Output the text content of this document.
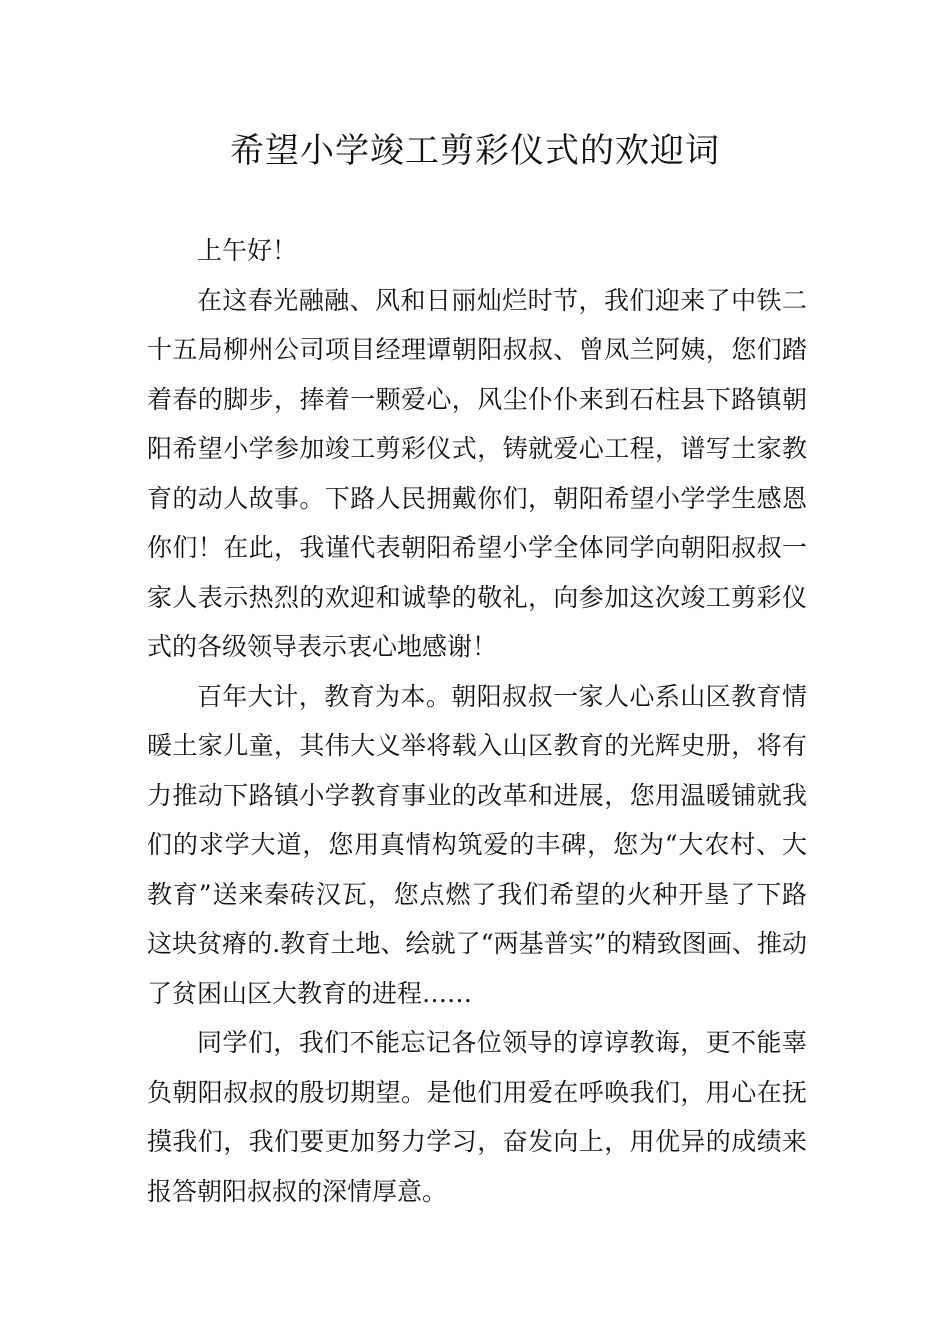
希望小学竣工剪彩仪式的欢迎词

上午好！

在这春光融融、风和日丽灿烂时节，我们迎来了中铁二十五局柳州公司项目经理谭朝阳叔叔、曾凤兰阿姨，您们踏着春的脚步，捧着一颗爱心，风尘仆仆来到石柱县下路镇朝阳希望小学参加竣工剪彩仪式，铸就爱心工程，谱写土家教育的动人故事。下路人民拥戴你们，朝阳希望小学学生感恩你们！在此，我谨代表朝阳希望小学全体同学向朝阳叔叔一家人表示热烈的欢迎和诚挚的敬礼，向参加这次竣工剪彩仪式的各级领导表示衷心地感谢！

百年大计，教育为本。朝阳叔叔一家人心系山区教育情暖土家儿童，其伟大义举将载入山区教育的光辉史册，将有力推动下路镇小学教育事业的改革和进展，您用温暖铺就我们的求学大道，您用真情构筑爱的丰碑，您为“大农村、大教育”送来秦砖汉瓦，您点燃了我们希望的火种开垦了下路这块贫瘠的.教育土地、绘就了“两基普实”的精致图画、推动了贫困山区大教育的进程……

同学们，我们不能忘记各位领导的谆谆教诲，更不能辜负朝阳叔叔的殷切期望。是他们用爱在呼唤我们，用心在抚摸我们，我们要更加努力学习，奋发向上，用优异的成绩来报答朝阳叔叔的深情厚意。
